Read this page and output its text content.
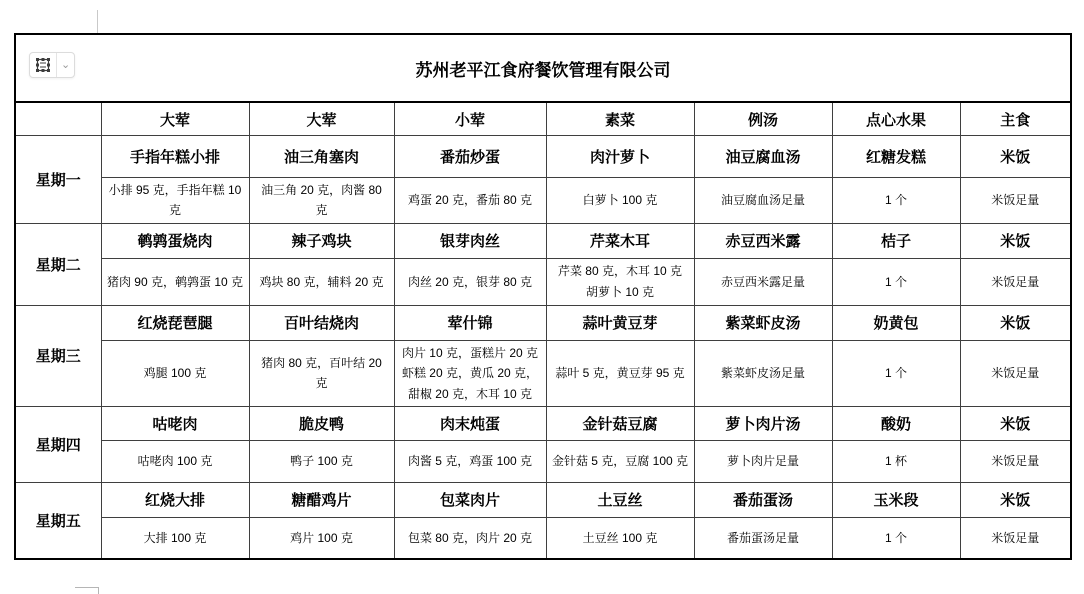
苏州老平江食府餐饮管理有限公司							
	大荤	大荤	小荤	素菜	例汤	点心水果	主食
星期一	手指年糕小排	油三角塞肉	番茄炒蛋	肉汁萝卜	油豆腐血汤	红糖发糕	米饭
	小排 95 克，手指年糕 10 克	油三角 20 克，肉酱 80 克	鸡蛋 20 克，番茄 80 克	白萝卜 100 克	油豆腐血汤足量	1 个	米饭足量
星期二	鹌鹑蛋烧肉	辣子鸡块	银芽肉丝	芹菜木耳	赤豆西米露	桔子	米饭
	猪肉 90 克，鹌鹑蛋 10 克	鸡块 80 克，辅料 20 克	肉丝 20 克，银芽 80 克	芹菜 80 克，木耳 10 克 胡萝卜 10 克	赤豆西米露足量	1 个	米饭足量
星期三	红烧琵琶腿	百叶结烧肉	荤什锦	蒜叶黄豆芽	紫菜虾皮汤	奶黄包	米饭
	鸡腿 100 克	猪肉 80 克，百叶结 20 克	肉片 10 克，蛋糕片 20 克 虾糕 20 克，黄瓜 20 克，甜椒 20 克，木耳 10 克	蒜叶 5 克，黄豆芽 95 克	紫菜虾皮汤足量	1 个	米饭足量
星期四	咕咾肉	脆皮鸭	肉末炖蛋	金针菇豆腐	萝卜肉片汤	酸奶	米饭
	咕咾肉 100 克	鸭子 100 克	肉酱 5 克，鸡蛋 100 克	金针菇 5 克，豆腐 100 克	萝卜肉片足量	1 杯	米饭足量
星期五	红烧大排	糖醋鸡片	包菜肉片	土豆丝	番茄蛋汤	玉米段	米饭
	大排 100 克	鸡片 100 克	包菜 80 克，肉片 20 克	土豆丝 100 克	番茄蛋汤足量	1 个	米饭足量
⌄
